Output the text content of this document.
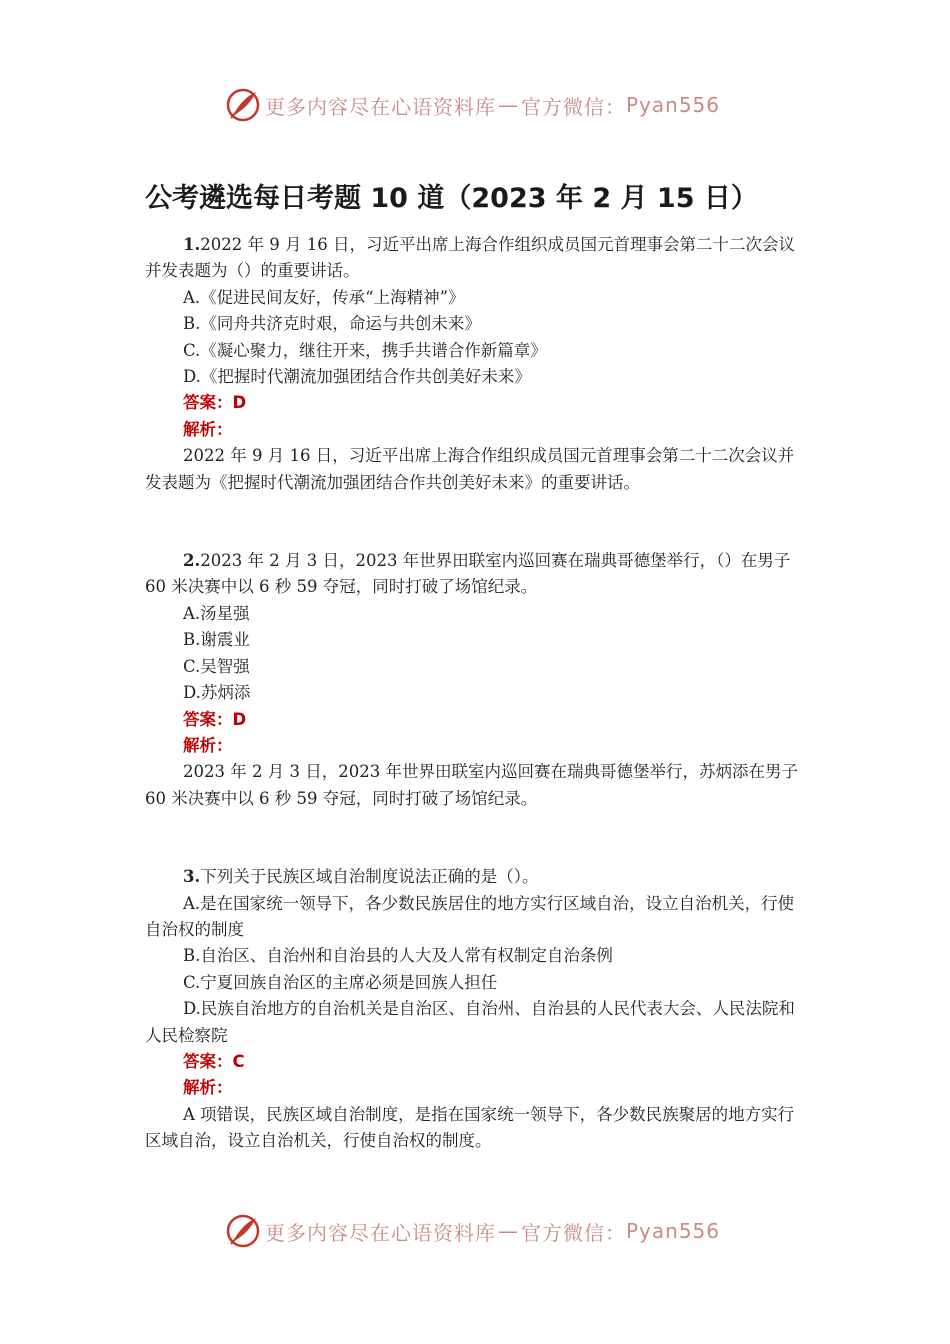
更多内容尽在心语资料库 — 官方微信： Pyan556
公考遴选每日考题 10 道（2023 年 2 月 15 日）

1.2022 年 9 月 16 日，习近平出席上海合作组织成员国元首理事会第二十二次会议并发表题为（）的重要讲话。

A.《促进民间友好，传承“上海精神”》

B.《同舟共济克时艰，命运与共创未来》

C.《凝心聚力，继往开来，携手共谱合作新篇章》

D.《把握时代潮流加强团结合作共创美好未来》

答案：D

解析：

2022 年 9 月 16 日，习近平出席上海合作组织成员国元首理事会第二十二次会议并发表题为《把握时代潮流加强团结合作共创美好未来》的重要讲话。

2.2023 年 2 月 3 日，2023 年世界田联室内巡回赛在瑞典哥德堡举行，（）在男子 60 米决赛中以 6 秒 59 夺冠，同时打破了场馆纪录。

A.汤星强

B.谢震业

C.吴智强

D.苏炳添

答案：D

解析：

2023 年 2 月 3 日，2023 年世界田联室内巡回赛在瑞典哥德堡举行，苏炳添在男子 60 米决赛中以 6 秒 59 夺冠，同时打破了场馆纪录。

3.下列关于民族区域自治制度说法正确的是（）。

A.是在国家统一领导下，各少数民族居住的地方实行区域自治，设立自治机关，行使自治权的制度

B.自治区、自治州和自治县的人大及人常有权制定自治条例

C.宁夏回族自治区的主席必须是回族人担任

D.民族自治地方的自治机关是自治区、自治州、自治县的人民代表大会、人民法院和人民检察院

答案：C

解析：

A 项错误，民族区域自治制度，是指在国家统一领导下，各少数民族聚居的地方实行区域自治，设立自治机关，行使自治权的制度。

更多内容尽在心语资料库 — 官方微信： Pyan556
